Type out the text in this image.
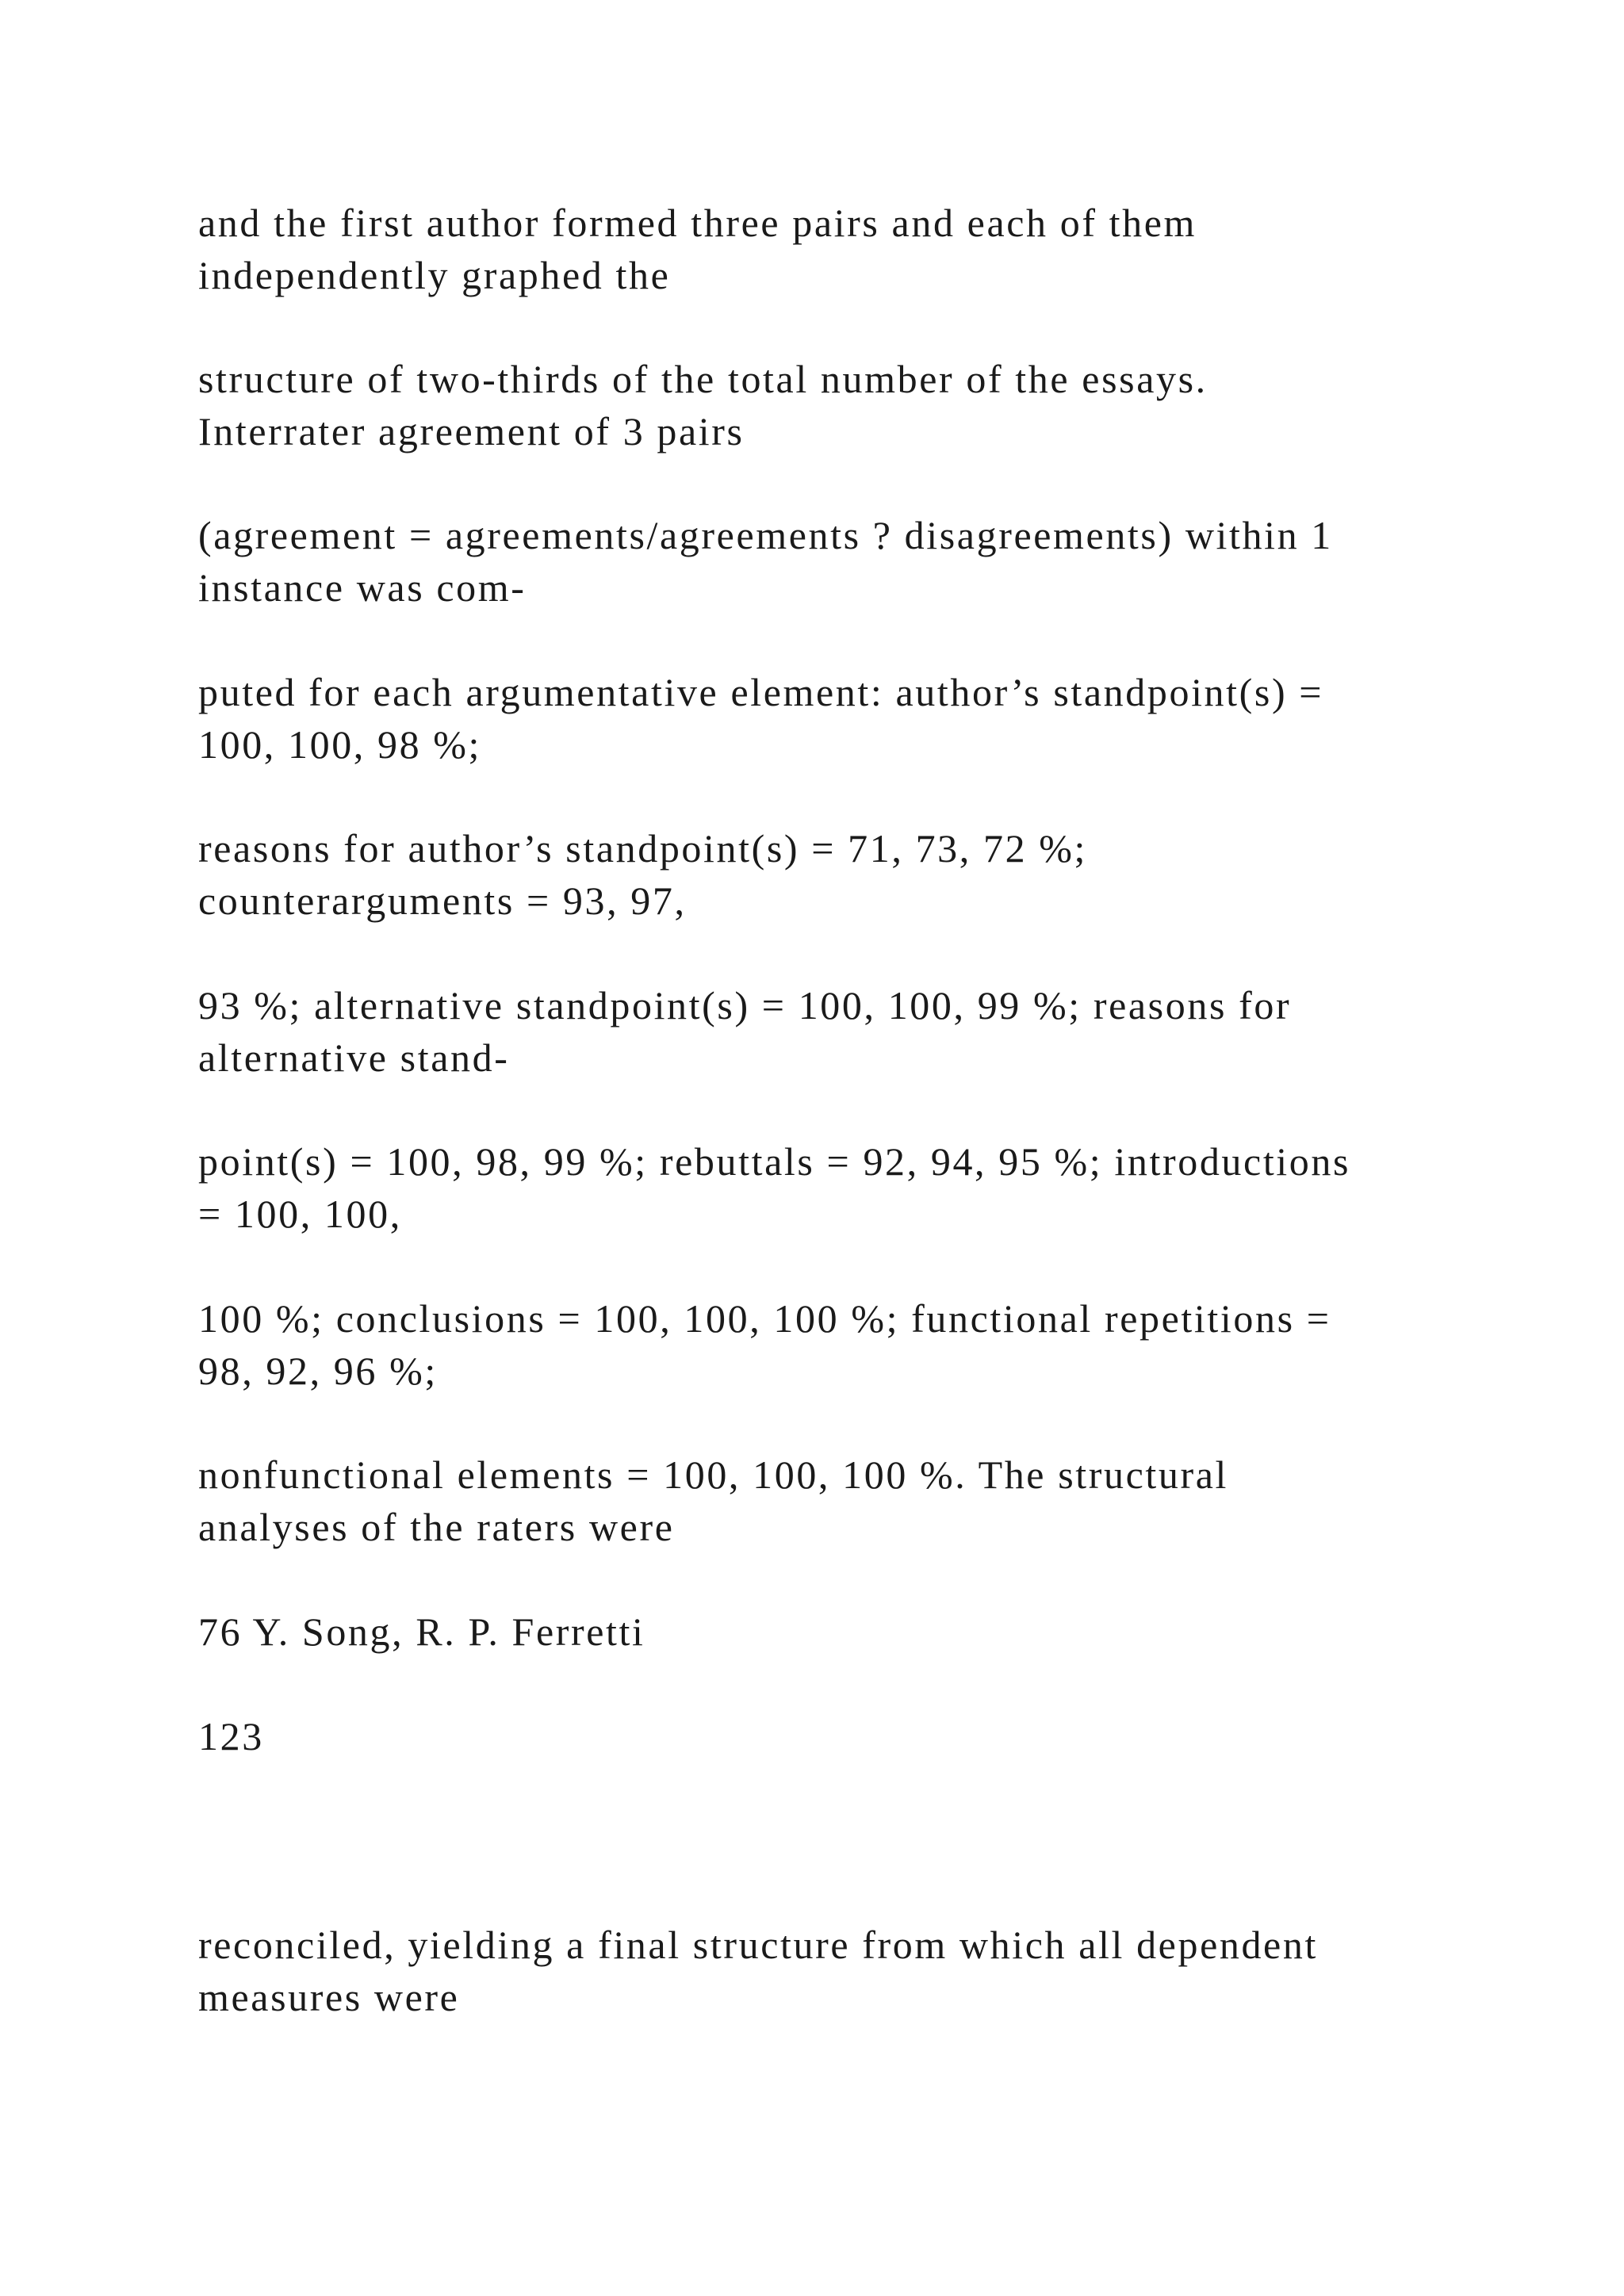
and the first author formed three pairs and each of them
independently graphed the
structure of two-thirds of the total number of the essays.
Interrater agreement of 3 pairs
(agreement = agreements/agreements ? disagreements) within 1
instance was com-
puted for each argumentative element: author’s standpoint(s) =
100, 100, 98 %;
reasons for author’s standpoint(s) = 71, 73, 72 %;
counterarguments = 93, 97,
93 %; alternative standpoint(s) = 100, 100, 99 %; reasons for
alternative stand-
point(s) = 100, 98, 99 %; rebuttals = 92, 94, 95 %; introductions
= 100, 100,
100 %; conclusions = 100, 100, 100 %; functional repetitions =
98, 92, 96 %;
nonfunctional elements = 100, 100, 100 %. The structural
analyses of the raters were
76 Y. Song, R. P. Ferretti
123
reconciled, yielding a final structure from which all dependent
measures were
